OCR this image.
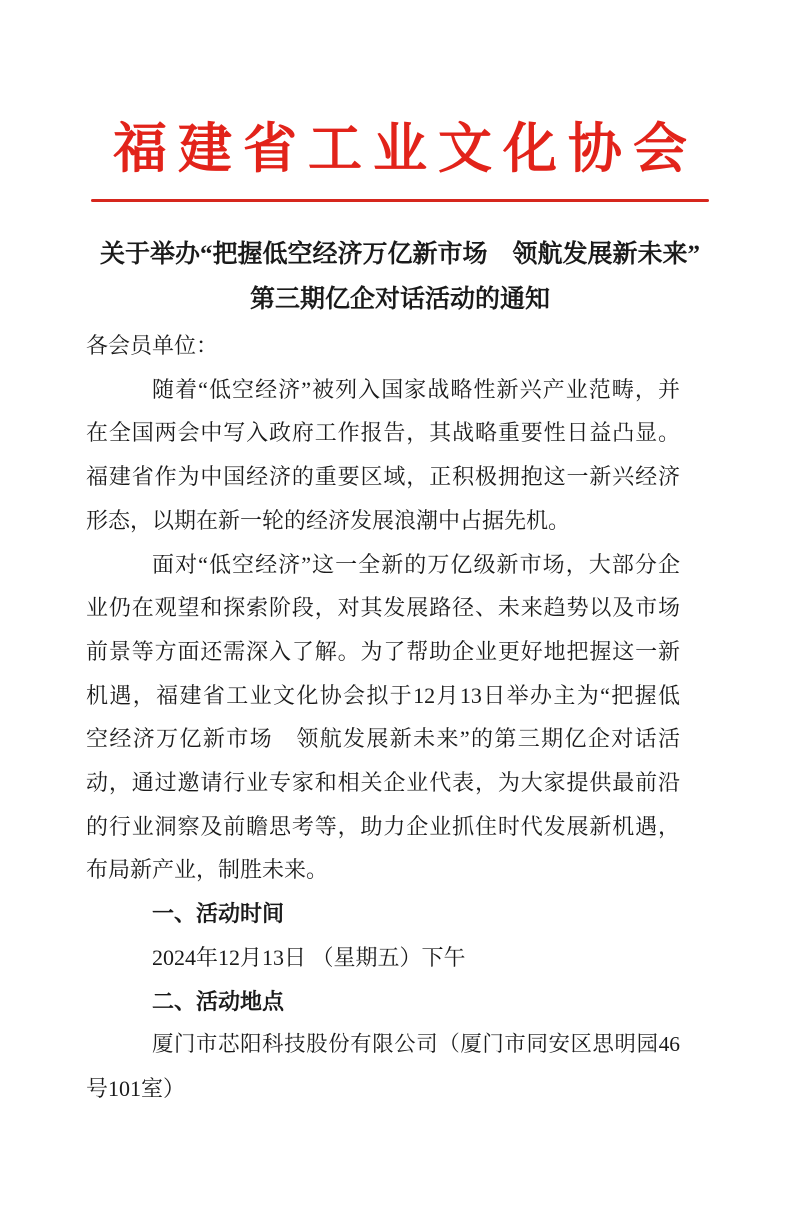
福建省工业文化协会
关于举办“把握低空经济万亿新市场　领航发展新未来”
第三期亿企对话活动的通知
各会员单位：
随着“低空经济”被列入国家战略性新兴产业范畴，并
在全国两会中写入政府工作报告，其战略重要性日益凸显。
福建省作为中国经济的重要区域，正积极拥抱这一新兴经济
形态，以期在新一轮的经济发展浪潮中占据先机。
面对“低空经济”这一全新的万亿级新市场，大部分企
业仍在观望和探索阶段，对其发展路径、未来趋势以及市场
前景等方面还需深入了解。为了帮助企业更好地把握这一新
机遇，福建省工业文化协会拟于12月13日举办主为“把握低
空经济万亿新市场　领航发展新未来”的第三期亿企对话活
动，通过邀请行业专家和相关企业代表，为大家提供最前沿
的行业洞察及前瞻思考等，助力企业抓住时代发展新机遇，
布局新产业，制胜未来。
一、活动时间
2024年12月13日 （星期五）下午
二、活动地点
厦门市芯阳科技股份有限公司（厦门市同安区思明园46
号101室）
